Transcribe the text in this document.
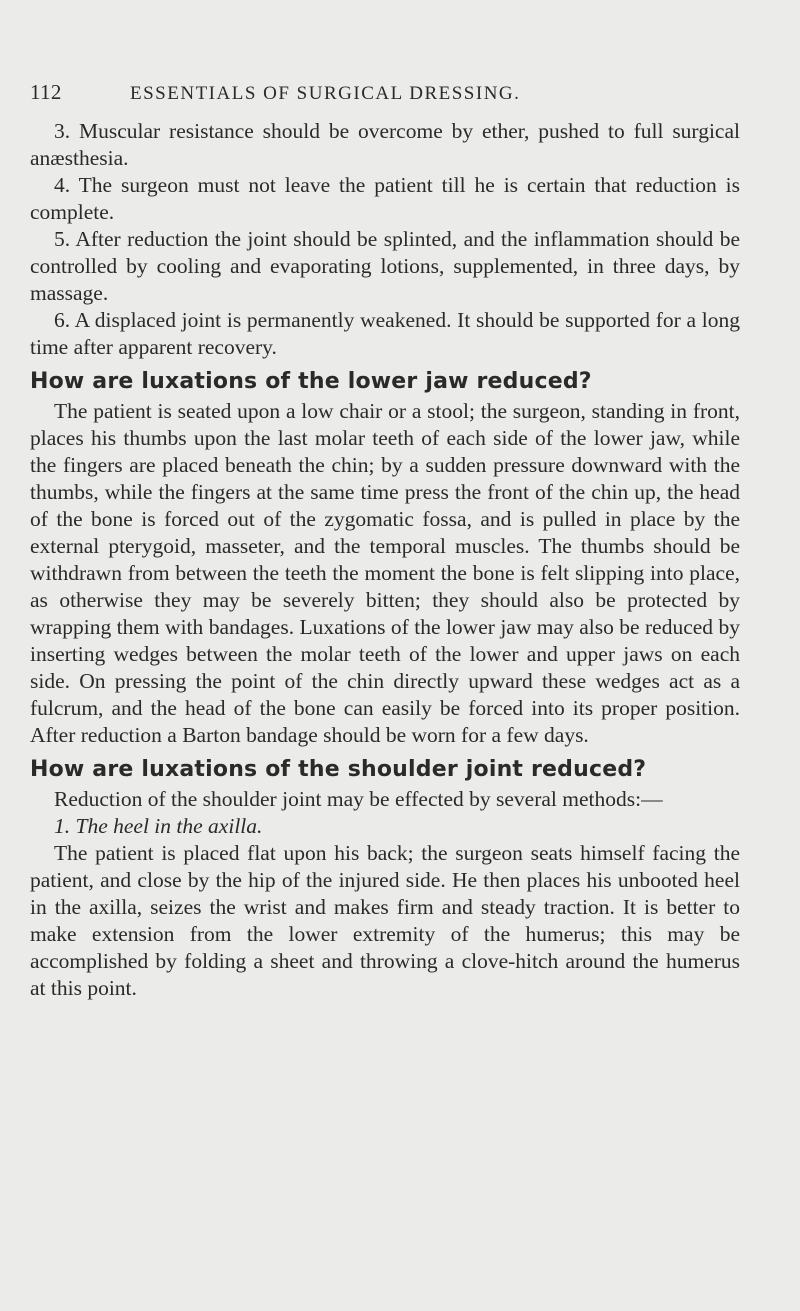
112	ESSENTIALS OF SURGICAL DRESSING.

3. Muscular resistance should be overcome by ether, pushed to full surgical anæsthesia.

4. The surgeon must not leave the patient till he is certain that reduction is complete.

5. After reduction the joint should be splinted, and the inflammation should be controlled by cooling and evaporating lotions, supplemented, in three days, by massage.

6. A displaced joint is permanently weakened. It should be supported for a long time after apparent recovery.

How are luxations of the lower jaw reduced?

The patient is seated upon a low chair or a stool; the surgeon, standing in front, places his thumbs upon the last molar teeth of each side of the lower jaw, while the fingers are placed beneath the chin; by a sudden pressure downward with the thumbs, while the fingers at the same time press the front of the chin up, the head of the bone is forced out of the zygomatic fossa, and is pulled in place by the external pterygoid, masseter, and the temporal muscles. The thumbs should be withdrawn from between the teeth the moment the bone is felt slipping into place, as otherwise they may be severely bitten; they should also be protected by wrapping them with bandages. Luxations of the lower jaw may also be reduced by inserting wedges between the molar teeth of the lower and upper jaws on each side. On pressing the point of the chin directly upward these wedges act as a fulcrum, and the head of the bone can easily be forced into its proper position. After reduction a Barton bandage should be worn for a few days.

How are luxations of the shoulder joint reduced?

Reduction of the shoulder joint may be effected by several methods:—

1. The heel in the axilla.

The patient is placed flat upon his back; the surgeon seats himself facing the patient, and close by the hip of the injured side. He then places his unbooted heel in the axilla, seizes the wrist and makes firm and steady traction. It is better to make extension from the lower extremity of the humerus; this may be accomplished by folding a sheet and throwing a clove-hitch around the humerus at this point.
